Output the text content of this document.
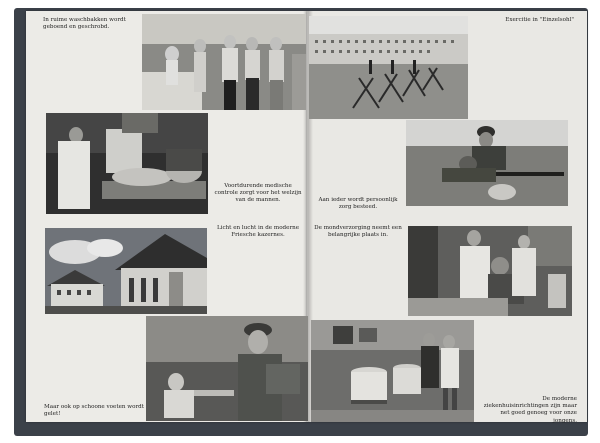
In ruime waschbakken wordt geboend en geschrobd.
Voortdurende medische controle zorgt voor het welzijn van de mannen.
Licht en lucht in de moderne Friesche kazernes.
Maar ook op schoone voeten wordt gelet!
Exercitie in "Einzelsohl"
Aan ieder wordt persoonlijk zorg besteed.
De mondverzorging neemt een belangrijke plaats in.
De moderne ziekenhuisinrichtingen zijn maar net goed genoeg voor onze jongens.
